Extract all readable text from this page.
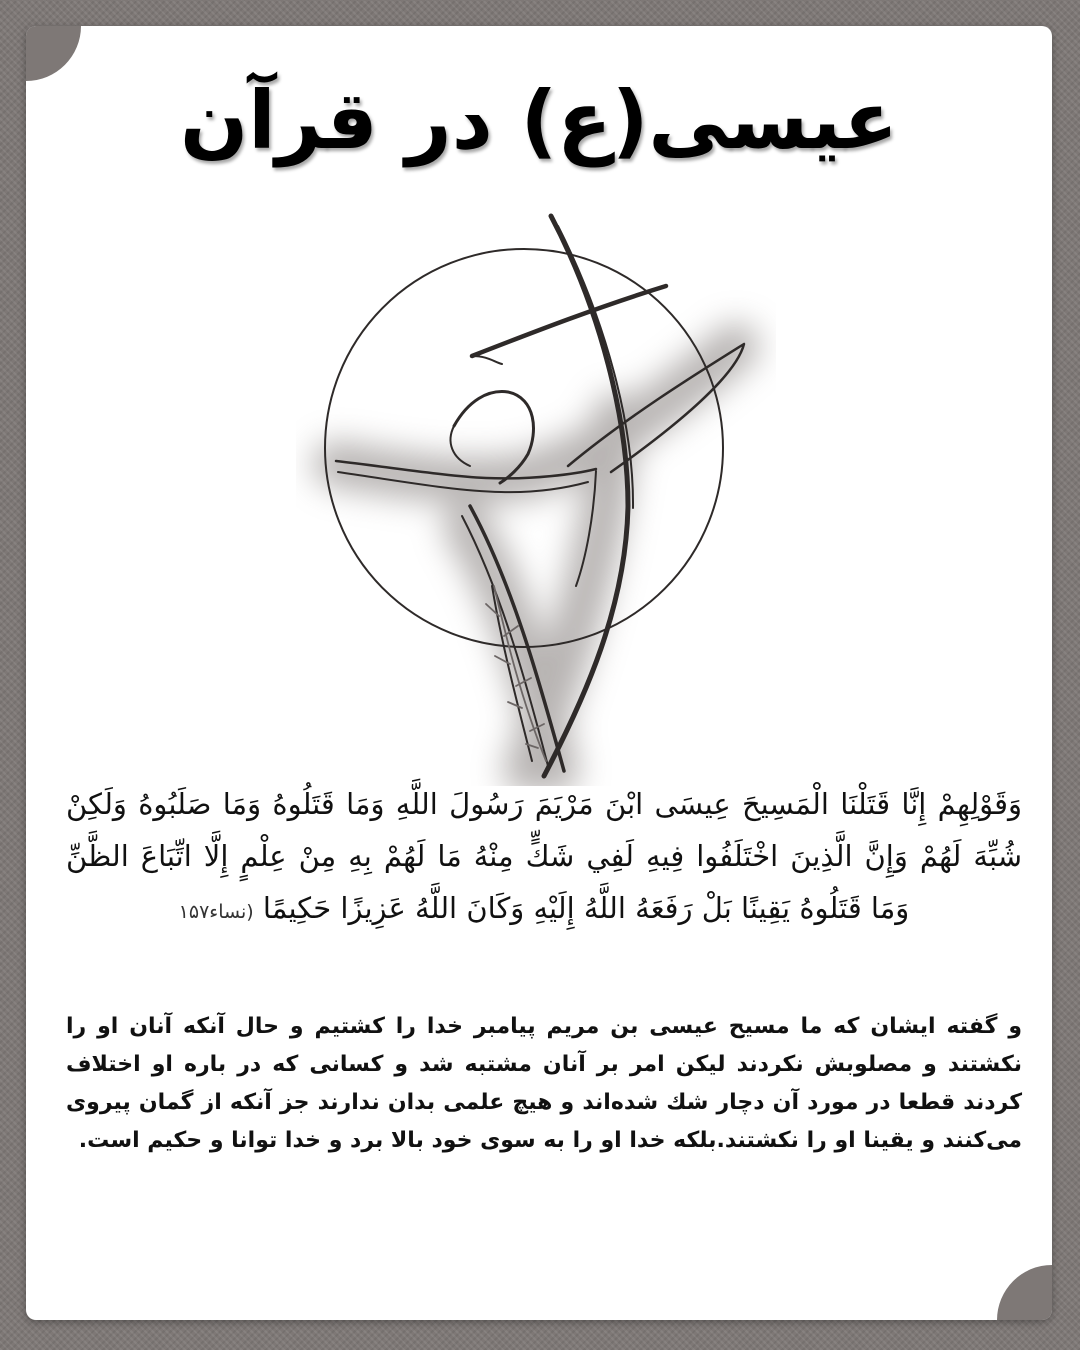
عیسی(ع) در قرآن

وَقَوْلِهِمْ إِنَّا قَتَلْنَا الْمَسِيحَ عِيسَى ابْنَ مَرْيَمَ رَسُولَ اللَّهِ وَمَا قَتَلُوهُ وَمَا صَلَبُوهُ وَلَكِنْ شُبِّهَ لَهُمْ وَإِنَّ الَّذِينَ اخْتَلَفُوا فِيهِ لَفِي شَكٍّ مِنْهُ مَا لَهُمْ بِهِ مِنْ عِلْمٍ إِلَّا اتِّبَاعَ الظَّنِّ وَمَا قَتَلُوهُ يَقِينًا بَلْ رَفَعَهُ اللَّهُ إِلَيْهِ وَكَانَ اللَّهُ عَزِيزًا حَكِيمًا (نساء۱۵۷

و گفته ایشان که ما مسیح عیسی بن مریم پیامبر خدا را کشتیم و حال آنکه آنان او را نکشتند و مصلوبش نکردند لیکن امر بر آنان مشتبه شد و کسانی که در باره او اختلاف کردند قطعا در مورد آن دچار شك شده‌اند و هیچ علمی بدان ندارند جز آنکه از گمان پیروی می‌کنند و یقینا او را نکشتند.بلکه خدا او را به سوی خود بالا برد و خدا توانا و حکیم است.
